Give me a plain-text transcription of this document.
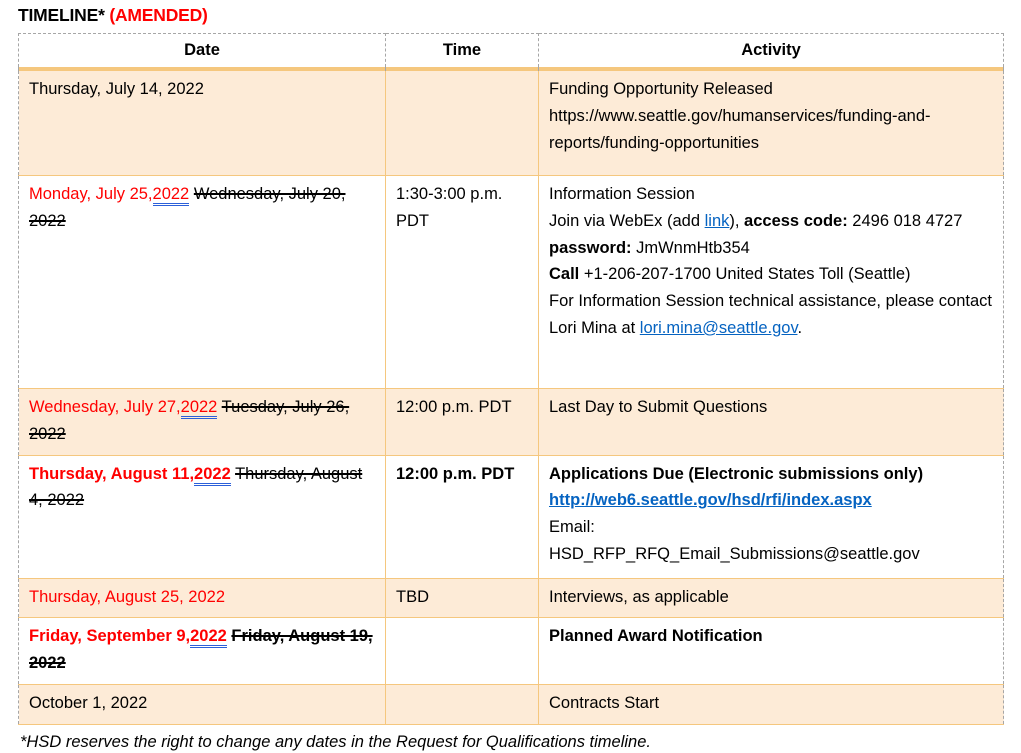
TIMELINE* (AMENDED)
Date	Time	Activity

Thursday, July 14, 2022		Funding Opportunity Released
https://www.seattle.gov/humanservices/funding-and-reports/funding-opportunities

Monday, July 25,2022 Wednesday, July 20, 2022	1:30-3:00 p.m. PDT	Information Session
Join via WebEx (add link), access code: 2496 018 4727
password: JmWnmHtb354
Call +1-206-207-1700 United States Toll (Seattle)
For Information Session technical assistance, please contact Lori Mina at lori.mina@seattle.gov.

Wednesday, July 27,2022 Tuesday, July 26, 2022	12:00 p.m. PDT	Last Day to Submit Questions
Thursday, August 11,2022 Thursday, August 4, 2022	12:00 p.m. PDT	Applications Due (Electronic submissions only)
http://web6.seattle.gov/hsd/rfi/index.aspx
Email:
HSD_RFP_RFQ_Email_Submissions@seattle.gov

Thursday, August 25, 2022	TBD	Interviews, as applicable
Friday, September 9,2022 Friday, August 19, 2022		Planned Award Notification
October 1, 2022		Contracts Start
*HSD reserves the right to change any dates in the Request for Qualifications timeline.
